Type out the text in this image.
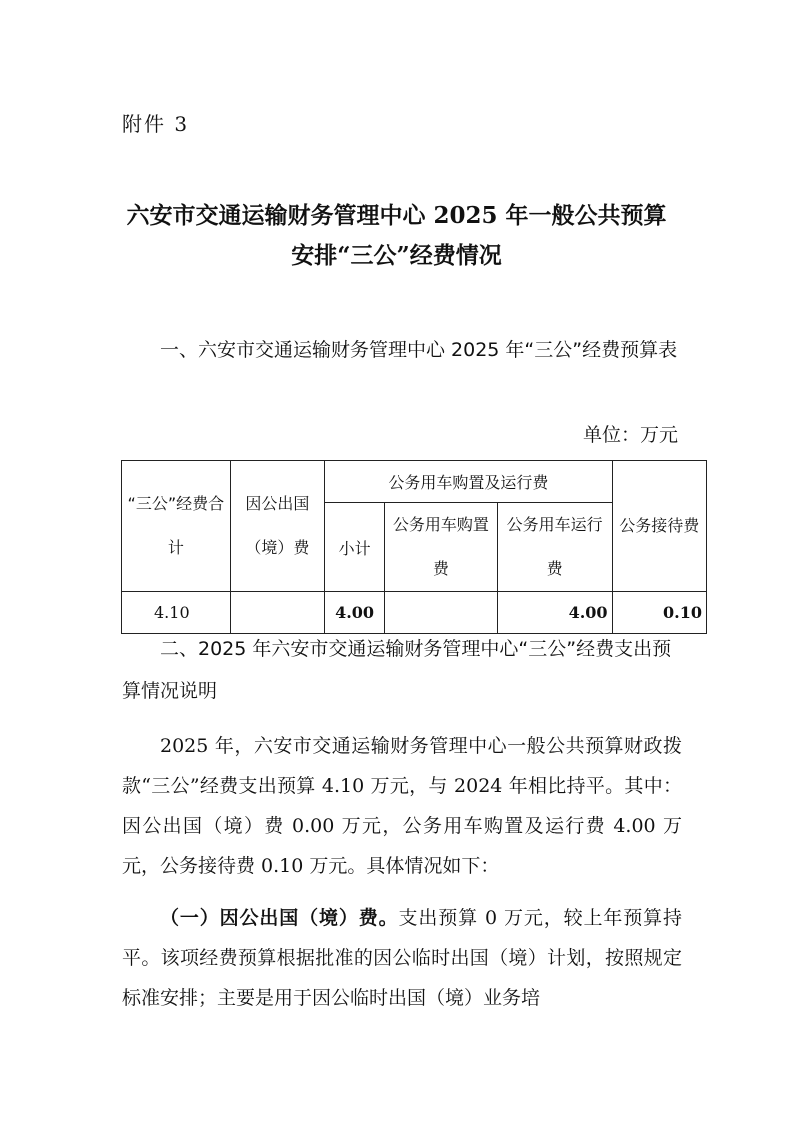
附件 3
六安市交通运输财务管理中心 2025 年一般公共预算
安排“三公”经费情况
一、六安市交通运输财务管理中心 2025 年“三公”经费预算表
单位：万元
“三公”经费合计	因公出国（境）费	公务用车购置及运行费			公务接待费
		小计	公务用车购置费	公务用车运行费	
4.10		4.00		4.00	0.10
二、2025 年六安市交通运输财务管理中心“三公”经费支出预算情况说明
2025 年，六安市交通运输财务管理中心一般公共预算财政拨款“三公”经费支出预算 4.10 万元，与 2024 年相比持平。其中：因公出国（境）费 0.00 万元，公务用车购置及运行费 4.00 万元，公务接待费 0.10 万元。具体情况如下：
（一）因公出国（境）费。支出预算 0 万元，较上年预算持平。该项经费预算根据批准的因公临时出国（境）计划，按照规定标准安排；主要是用于因公临时出国（境）业务培
